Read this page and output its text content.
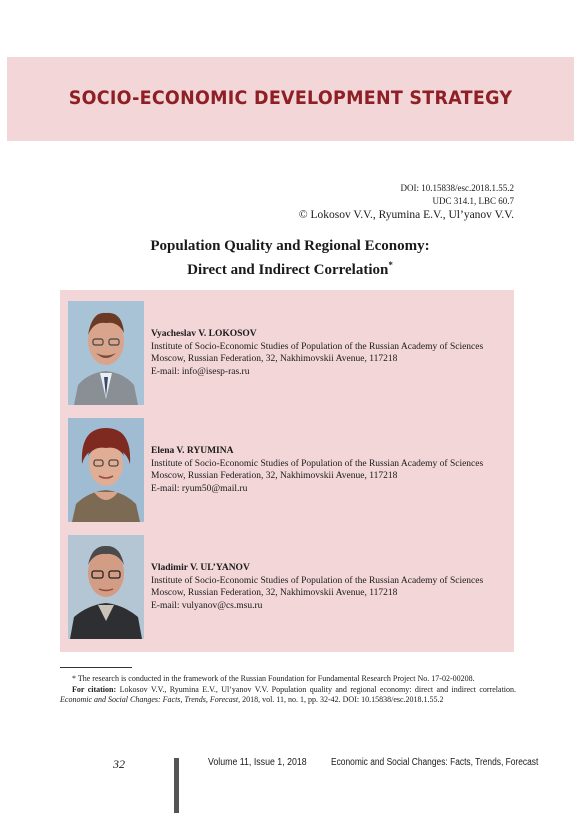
SOCIO-ECONOMIC DEVELOPMENT STRATEGY
DOI: 10.15838/esc.2018.1.55.2
UDC 314.1, LBC 60.7
© Lokosov V.V., Ryumina E.V., Ul’yanov V.V.
Population Quality and Regional Economy:
Direct and Indirect Correlation*
Vyacheslav V. LOKOSOV
Institute of Socio-Economic Studies of Population of the Russian Academy of Sciences
Moscow, Russian Federation, 32, Nakhimovskii Avenue, 117218
E-mail: info@isesp-ras.ru
Elena V. RYUMINA
Institute of Socio-Economic Studies of Population of the Russian Academy of Sciences
Moscow, Russian Federation, 32, Nakhimovskii Avenue, 117218
E-mail: ryum50@mail.ru
Vladimir V. UL’YANOV
Institute of Socio-Economic Studies of Population of the Russian Academy of Sciences
Moscow, Russian Federation, 32, Nakhimovskii Avenue, 117218
E-mail: vulyanov@cs.msu.ru

* The research is conducted in the framework of the Russian Foundation for Fundamental Research Project No. 17-02-00208.

For citation: Lokosov V.V., Ryumina E.V., Ul’yanov V.V. Population quality and regional economy: direct and indirect correlation. Economic and Social Changes: Facts, Trends, Forecast, 2018, vol. 11, no. 1, pp. 32-42. DOI: 10.15838/esc.2018.1.55.2

32	Volume 11, Issue 1, 2018 Economic and Social Changes: Facts, Trends, Forecast
